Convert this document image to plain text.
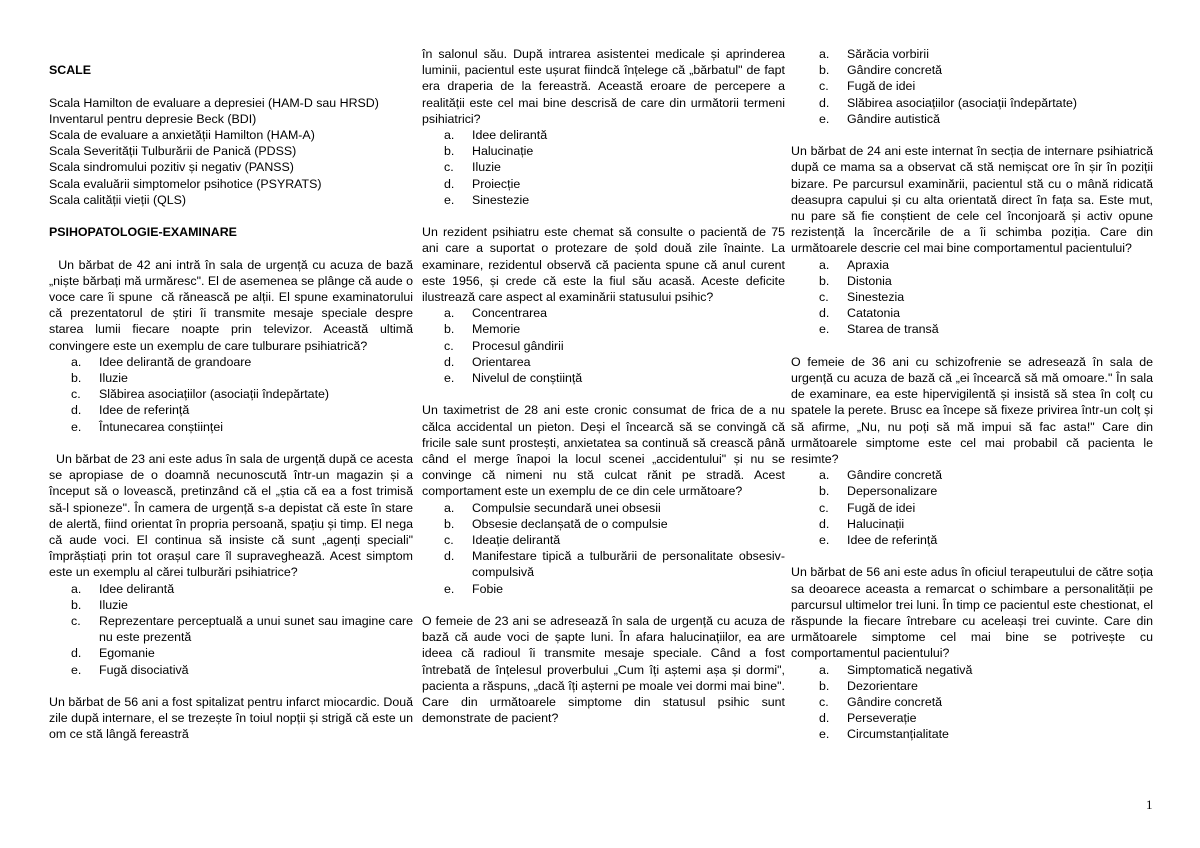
SCALE

Scala Hamilton de evaluare a depresiei (HAM-D sau HRSD)

Inventarul pentru depresie Beck (BDI)

Scala de evaluare a anxietății Hamilton (HAM-A)

Scala Severității Tulburării de Panică (PDSS)

Scala sindromului pozitiv și negativ (PANSS)

Scala evaluării simptomelor psihotice (PSYRATS)

Scala calității vieții (QLS)

PSIHOPATOLOGIE-EXAMINARE

Un bărbat de 42 ani intră în sala de urgență cu acuza de bază „niște bărbați mă urmăresc". El de asemenea se plânge că aude o voce care îi spune  că rănească pe alții. El spune examinatorului că prezentatorul de știri îi transmite mesaje speciale despre starea lumii fiecare noapte prin televizor. Această ultimă convingere este un exemplu de care tulburare psihiatrică?

a.	Idee delirantă de grandoare
b.	Iluzie
c.	Slăbirea asociațiilor (asociații îndepărtate)
d.	Idee de referință
e.	Întunecarea conștiinței

Un bărbat de 23 ani este adus în sala de urgență după ce acesta se apropiase de o doamnă necunoscută într-un magazin și a început să o lovească, pretinzând că el „știa că ea a fost trimisă să-l spioneze". În camera de urgență s-a depistat că este în stare de alertă, fiind orientat în propria persoană, spațiu și timp. El nega că aude voci. El continua să insiste că sunt „agenți speciali" împrăștiați prin tot orașul care îl supraveghează. Acest simptom este un exemplu al cărei tulburări psihiatrice?

a.	Idee delirantă
b.	Iluzie
c.	Reprezentare perceptuală a unui sunet sau imagine care nu este prezentă
d.	Egomanie
e.	Fugă disociativă

Un bărbat de 56 ani a fost spitalizat pentru infarct miocardic. Două zile după internare, el se trezește în toiul nopții și strigă că este un om ce stă lângă fereastră

în salonul său. După intrarea asistentei medicale și aprinderea luminii, pacientul este ușurat fiindcă înțelege că „bărbatul" de fapt era draperia de la fereastră. Această eroare de percepere a realității este cel mai bine descrisă de care din următorii termeni psihiatrici?

a.	Idee delirantă
b.	Halucinație
c.	Iluzie
d.	Proiecție
e.	Sinestezie

Un rezident psihiatru este chemat să consulte o pacientă de 75 ani care a suportat o protezare de șold două zile înainte. La examinare, rezidentul observă că pacienta spune că anul curent este 1956, și crede că este la fiul său acasă. Aceste deficite ilustrează care aspect al examinării statusului psihic?

a.	Concentrarea
b.	Memorie
c.	Procesul gândirii
d.	Orientarea
e.	Nivelul de conștiință

Un taximetrist de 28 ani este cronic consumat de frica de a nu călca accidental un pieton. Deși el încearcă să se convingă că fricile sale sunt prostești, anxietatea sa continuă să crească până când el merge înapoi la locul scenei „accidentului" și nu se convinge că nimeni nu stă culcat rănit pe stradă. Acest comportament este un exemplu de ce din cele următoare?

a.	Compulsie secundară unei obsesii
b.	Obsesie declanșată de o compulsie
c.	Ideație delirantă
d.	Manifestare tipică a tulburării de personalitate obsesiv-compulsivă
e.	Fobie

O femeie de 23 ani se adresează în sala de urgență cu acuza de bază că aude voci de șapte luni. În afara halucinațiilor, ea are ideea că radioul îi transmite mesaje speciale. Când a fost întrebată de înțelesul proverbului „Cum îți aștemi așa și dormi", pacienta a răspuns, „dacă îți așterni pe moale vei dormi mai bine". Care din următoarele simptome din statusul psihic sunt demonstrate de pacient?

a.	Sărăcia vorbirii
b.	Gândire concretă
c.	Fugă de idei
d.	Slăbirea asociațiilor (asociații îndepărtate)
e.	Gândire autistică

Un bărbat de 24 ani este internat în secția de internare psihiatrică după ce mama sa a observat că stă nemișcat ore în șir în poziții bizare. Pe parcursul examinării, pacientul stă cu o mână ridicată deasupra capului și cu alta orientată direct în fața sa. Este mut, nu pare să fie conștient de cele cel înconjoară și activ opune rezistență la încercările de a îi schimba poziția. Care din următoarele descrie cel mai bine comportamentul pacientului?

a.	Apraxia
b.	Distonia
c.	Sinestezia
d.	Catatonia
e.	Starea de transă

O femeie de 36 ani cu schizofrenie se adresează în sala de urgență cu acuza de bază că „ei încearcă să mă omoare." În sala de examinare, ea este hipervigilentă și insistă să stea în colț cu spatele la perete. Brusc ea începe să fixeze privirea într-un colț și să afirme, „Nu, nu poți să mă impui să fac asta!" Care din următoarele simptome este cel mai probabil că pacienta le resimte?

a.	Gândire concretă
b.	Depersonalizare
c.	Fugă de idei
d.	Halucinații
e.	Idee de referință

Un bărbat de 56 ani este adus în oficiul terapeutului de către soția sa deoarece aceasta a remarcat o schimbare a personalității pe parcursul ultimelor trei luni. În timp ce pacientul este chestionat, el răspunde la fiecare întrebare cu aceleași trei cuvinte. Care din următoarele simptome cel mai bine se potrivește cu comportamentul pacientului?

a.	Simptomatică negativă
b.	Dezorientare
c.	Gândire concretă
d.	Perseverație
e.	Circumstanțialitate
1
